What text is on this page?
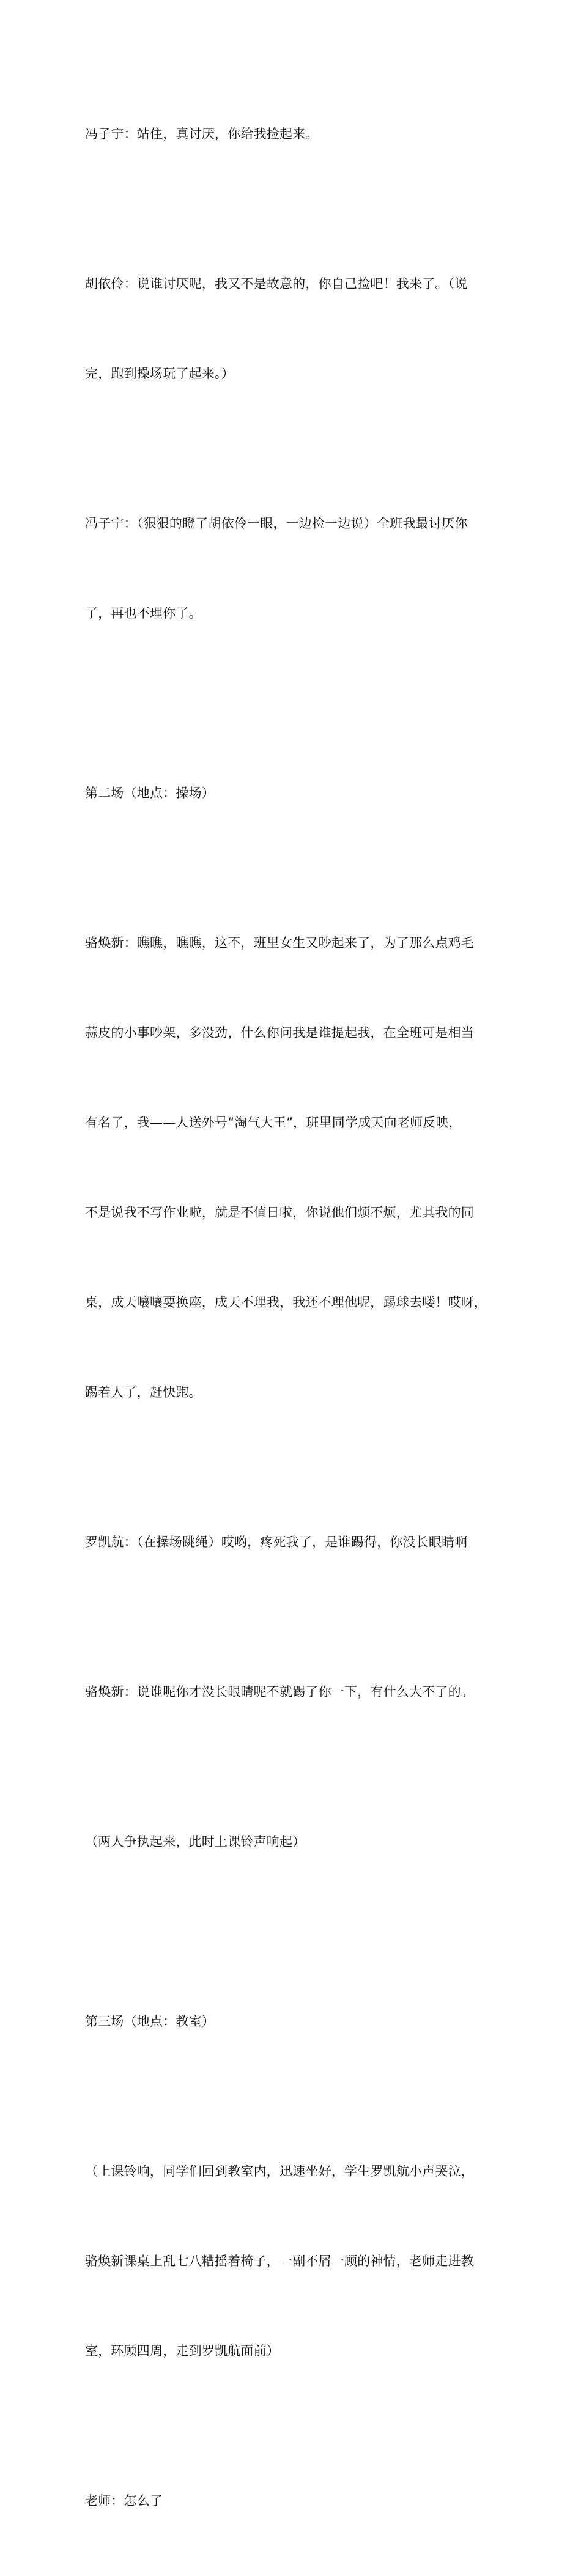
冯子宁：站住，真讨厌，你给我捡起来。

胡依伶：说谁讨厌呢，我又不是故意的，你自己捡吧！我来了。（说

完，跑到操场玩了起来。）

冯子宁：（狠狠的瞪了胡依伶一眼，一边捡一边说）全班我最讨厌你

了，再也不理你了。

第二场（地点：操场）

骆焕新：瞧瞧，瞧瞧，这不，班里女生又吵起来了，为了那么点鸡毛

蒜皮的小事吵架，多没劲，什么你问我是谁提起我，在全班可是相当

有名了，我——人送外号“淘气大王”，班里同学成天向老师反映，

不是说我不写作业啦，就是不值日啦，你说他们烦不烦，尤其我的同

桌，成天嚷嚷要换座，成天不理我，我还不理他呢，踢球去喽！哎呀，

踢着人了，赶快跑。

罗凯航：（在操场跳绳）哎哟，疼死我了，是谁踢得，你没长眼睛啊

骆焕新：说谁呢你才没长眼睛呢不就踢了你一下，有什么大不了的。

（两人争执起来，此时上课铃声响起）

第三场（地点：教室）

（上课铃响，同学们回到教室内，迅速坐好，学生罗凯航小声哭泣，

骆焕新课桌上乱七八糟摇着椅子，一副不屑一顾的神情，老师走进教

室，环顾四周，走到罗凯航面前）

老师：怎么了
